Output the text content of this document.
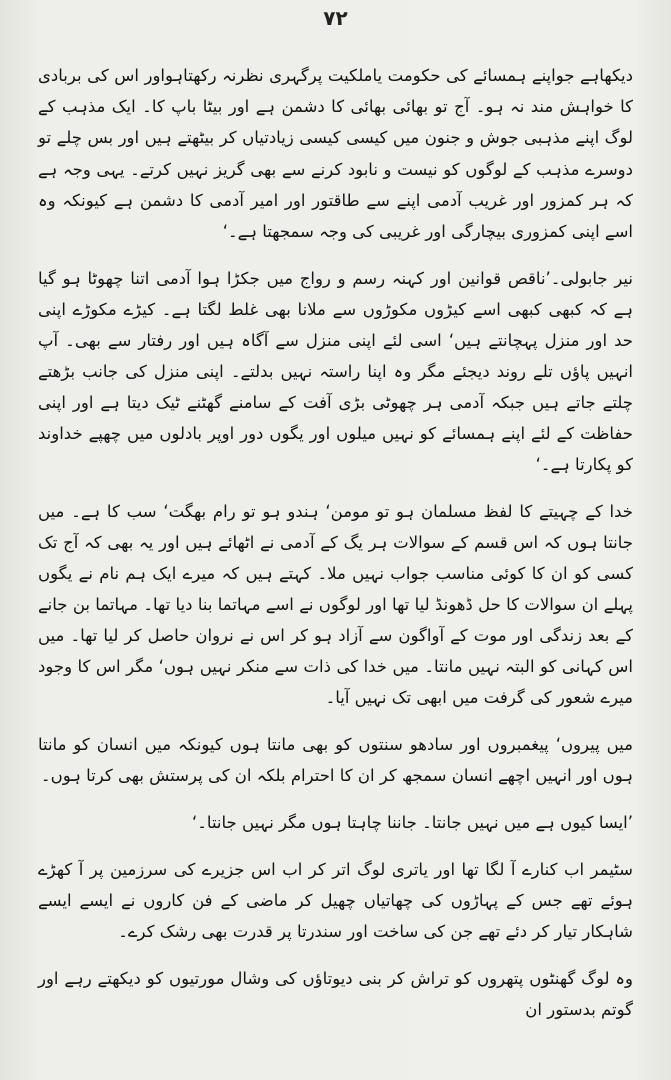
۷۲

دیکھاہے جواپنے ہمسائے کی حکومت یاملکیت پرگہری نظرنہ رکھتاہواور اس کی بربادی کا خواہش مند نہ ہو۔ آج تو بھائی بھائی کا دشمن ہے اور بیٹا باپ کا۔ ایک مذہب کے لوگ اپنے مذہبی جوش و جنون میں کیسی کیسی زیادتیاں کر بیٹھتے ہیں اور بس چلے تو دوسرے مذہب کے لوگوں کو نیست و نابود کرنے سے بھی گریز نہیں کرتے۔ یہی وجہ ہے کہ ہر کمزور اور غریب آدمی اپنے سے طاقتور اور امیر آدمی کا دشمن ہے کیونکہ وہ اسے اپنی کمزوری بیچارگی اور غریبی کی وجہ سمجھتا ہے۔‘

نیر جابولی۔’ناقص قوانین اور کہنہ رسم و رواج میں جکڑا ہوا آدمی اتنا چھوٹا ہو گیا ہے کہ کبھی کبھی اسے کیڑوں مکوڑوں سے ملانا بھی غلط لگتا ہے۔ کیڑے مکوڑے اپنی حد اور منزل پہچانتے ہیں‘ اسی لئے اپنی منزل سے آگاہ ہیں اور رفتار سے بھی۔ آپ انہیں پاؤں تلے روند دیجئے مگر وہ اپنا راستہ نہیں بدلتے۔ اپنی منزل کی جانب بڑھتے چلتے جاتے ہیں جبکہ آدمی ہر چھوٹی بڑی آفت کے سامنے گھٹنے ٹیک دیتا ہے اور اپنی حفاظت کے لئے اپنے ہمسائے کو نہیں میلوں اور یگوں دور اوپر بادلوں میں چھپے خداوند کو پکارتا ہے۔‘

خدا کے چہیتے کا لفظ مسلمان ہو تو مومن‘ ہندو ہو تو رام بھگت‘ سب کا ہے۔ میں جانتا ہوں کہ اس قسم کے سوالات ہر یگ کے آدمی نے اٹھائے ہیں اور یہ بھی کہ آج تک کسی کو ان کا کوئی مناسب جواب نہیں ملا۔ کہتے ہیں کہ میرے ایک ہم نام نے یگوں پہلے ان سوالات کا حل ڈھونڈ لیا تھا اور لوگوں نے اسے مہاتما بنا دیا تھا۔ مہاتما بن جانے کے بعد زندگی اور موت کے آواگون سے آزاد ہو کر اس نے نروان حاصل کر لیا تھا۔ میں اس کہانی کو البتہ نہیں مانتا۔ میں خدا کی ذات سے منکر نہیں ہوں‘ مگر اس کا وجود میرے شعور کی گرفت میں ابھی تک نہیں آیا۔

میں پیروں‘ پیغمبروں اور سادھو سنتوں کو بھی مانتا ہوں کیونکہ میں انسان کو مانتا ہوں اور انہیں اچھے انسان سمجھ کر ان کا احترام بلکہ ان کی پرستش بھی کرتا ہوں۔

’ایسا کیوں ہے میں نہیں جانتا۔ جاننا چاہتا ہوں مگر نہیں جانتا۔‘

سٹیمر اب کنارے آ لگا تھا اور یاتری لوگ اتر کر اب اس جزیرے کی سرزمین پر آ کھڑے ہوئے تھے جس کے پہاڑوں کی چھاتیاں چھیل کر ماضی کے فن کاروں نے ایسے ایسے شاہکار تیار کر دئے تھے جن کی ساخت اور سندرتا پر قدرت بھی رشک کرے۔

وہ لوگ گھنٹوں پتھروں کو تراش کر بنی دیوتاؤں کی وشال مورتیوں کو دیکھتے رہے اور گوتم بدستور ان
